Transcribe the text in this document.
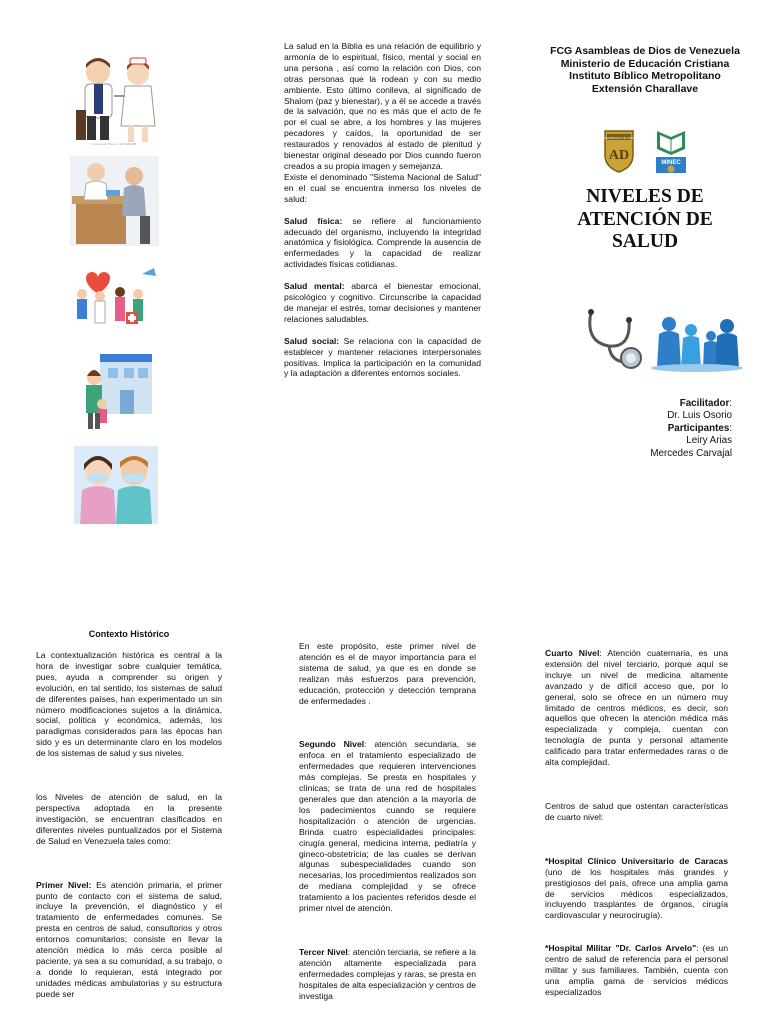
© Can Stock Photo · csp75400198

La salud en la Biblia es una relación de equilibrio y armonía de lo espiritual, físico, mental y social en una persona , así como la relación con Dios, con otras personas que la rodean y con su medio ambiente. Esto último conlleva, al significado de Shalom (paz y bienestar), y a él se accede a través de la salvación, que no es más que el acto de fe por el cual se abre, a los hombres y las mujeres pecadores y caídos, la oportunidad de ser restaurados y renovados al estado de plenitud y bienestar original deseado por Dios cuando fueron creados a su propia imagen y semejanza.

Existe el denominado "Sistema Nacional de Salud" en el cual se encuentra inmerso los niveles de salud:

Salud física: se refiere al funcionamiento adecuado del organismo, incluyendo la integridad anatómica y fisiológica. Comprende la ausencia de enfermedades y la capacidad de realizar actividades físicas cotidianas.

Salud mental: abarca el bienestar emocional, psicológico y cognitivo. Circunscribe la capacidad de manejar el estrés, tomar decisiones y mantener relaciones saludables.

Salud social: Se relaciona con la capacidad de establecer y mantener relaciones interpersonales positivas. Implica la participación en la comunidad y la adaptación a diferentes entornos sociales.

FCG Asambleas de Dios de Venezuela
Ministerio de Educación Cristiana
Instituto Bíblico Metropolitano
Extensión Charallave
AD
ASAMBLEAS DE DIOS
MINEC
NIVELES DE
ATENCIÓN DE
SALUD
Facilitador:
Dr. Luis Osorio
Participantes:
Leiry Arias
Mercedes Carvajal
Contexto Histórico

La contextualización histórica es central a la hora de investigar sobre cualquier temática, pues, ayuda a comprender su origen y evolución, en tal sentido, los sistemas de salud de diferentes países, han experimentado un sin número modificaciones sujetos a la dinámica, social, política y económica, además, los paradigmas considerados para las épocas han sido y es un determinante claro en los modelos de los sistemas de salud y sus niveles.

los Niveles de atención de salud, en la perspectiva adoptada en la presente investigación, se encuentran clasificados en diferentes niveles puntualizados por el Sistema de Salud en Venezuela tales como:

Primer Nivel: Es atención primaria, el primer punto de contacto con el sistema de salud, incluye la prevención, el diagnóstico y el tratamiento de enfermedades comunes. Se presta en centros de salud, consultorios y otros entornos comunitarios; consiste en llevar la atención médica lo más cerca posible al paciente, ya sea a su comunidad, a su trabajo, o a donde lo requieran, está integrado por unidades médicas ambulatorias y su estructura puede ser

En este propósito, este primer nivel de atención es el de mayor importancia para el sistema de salud, ya que es en donde se realizan más esfuerzos para prevención, educación, protección y detección temprana de enfermedades .

Segundo Nivel: atención secundaria, se enfoca en el tratamiento especializado de enfermedades que requieren intervenciones más complejas. Se presta en hospitales y clínicas; se trata de una red de hospitales generales que dan atención a la mayoría de los padecimientos cuando se requiere hospitalización o atención de urgencias. Brinda cuatro especialidades principales: cirugía general, medicina interna, pediatría y gineco-obstetricia; de las cuales se derivan algunas subespecialidades cuando son necesarias, los procedimientos realizados son de mediana complejidad y se ofrece tratamiento a los pacientes referidos desde el primer nivel de atención.

Tercer Nivel: atención terciaria, se refiere a la atención altamente especializada para enfermedades complejas y raras, se presta en hospitales de alta especialización y centros de investiga

Cuarto Nivel: Atención cuaternaria, es una extensión del nivel terciario, porque aquí se incluye un nivel de medicina altamente avanzado y de difícil acceso que, por lo general, solo se ofrece en un número muy limitado de centros médicos, es decir, son aquellos que ofrecen la atención médica más especializada y compleja, cuentan con tecnología de punta y personal altamente calificado para tratar enfermedades raras o de alta complejidad.

Centros de salud que ostentan características de cuarto nivel:

*Hospital Clínico Universitario de Caracas (uno de los hospitales más grandes y prestigiosos del país, ofrece una amplia gama de servicios médicos especializados, incluyendo trasplantes de órganos, cirugía cardiovascular y neurocirugía).

*Hospital Militar "Dr. Carlos Arvelo": (es un centro de salud de referencia para el personal militar y sus familiares. También, cuenta con una amplia gama de servicios médicos especializados
